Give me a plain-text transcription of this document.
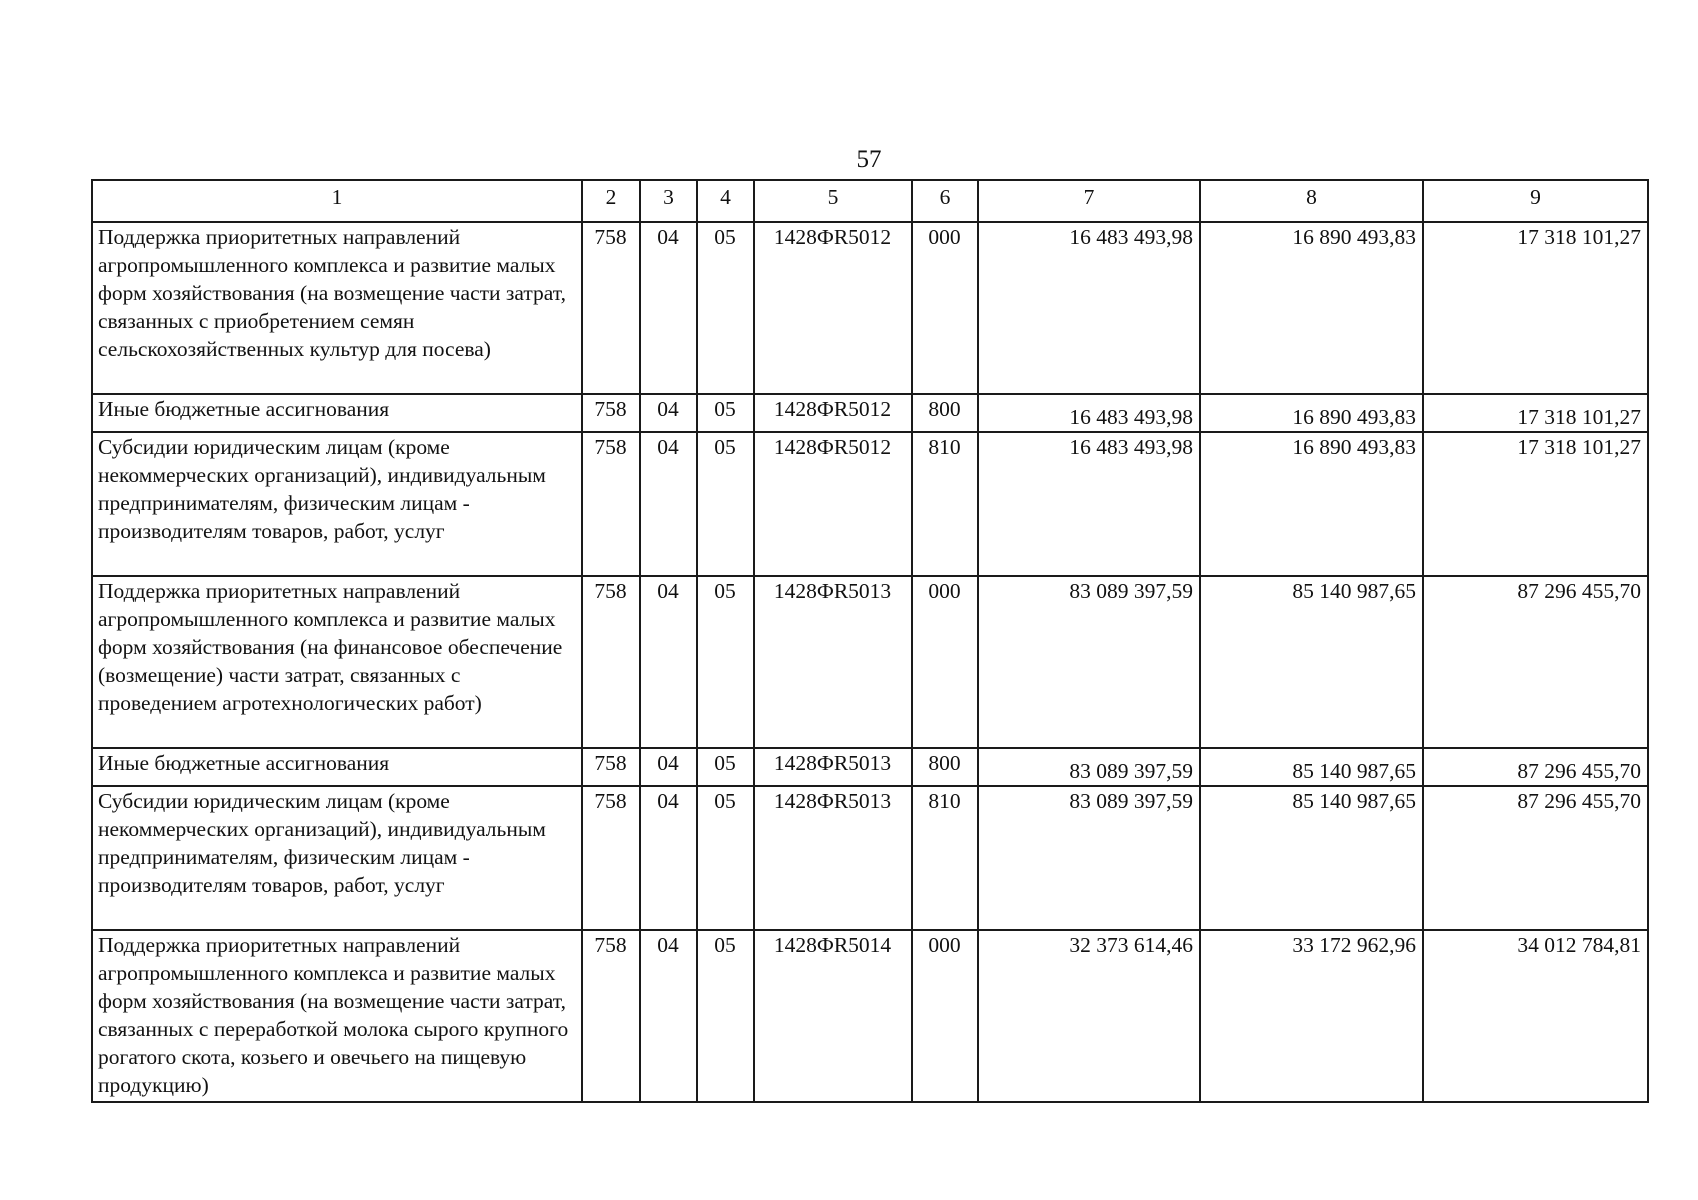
57
1	2	3	4	5	6	7	8	9
Поддержка приоритетных направлений агропромышленного комплекса и развитие малых форм хозяйствования (на возмещение части затрат, связанных с приобретением семян сельскохозяйственных культур для посева)	758	04	05	1428ФR5012	000	16 483 493,98	16 890 493,83	17 318 101,27
Иные бюджетные ассигнования	758	04	05	1428ФR5012	800	16 483 493,98	16 890 493,83	17 318 101,27
Субсидии юридическим лицам (кроме некоммерческих организаций), индивидуальным предпринимателям, физическим лицам - производителям товаров, работ, услуг	758	04	05	1428ФR5012	810	16 483 493,98	16 890 493,83	17 318 101,27
Поддержка приоритетных направлений агропромышленного комплекса и развитие малых форм хозяйствования (на финансовое обеспечение (возмещение) части затрат, связанных с проведением агротехнологических работ)	758	04	05	1428ФR5013	000	83 089 397,59	85 140 987,65	87 296 455,70
Иные бюджетные ассигнования	758	04	05	1428ФR5013	800	83 089 397,59	85 140 987,65	87 296 455,70
Субсидии юридическим лицам (кроме некоммерческих организаций), индивидуальным предпринимателям, физическим лицам - производителям товаров, работ, услуг	758	04	05	1428ФR5013	810	83 089 397,59	85 140 987,65	87 296 455,70
Поддержка приоритетных направлений агропромышленного комплекса и развитие малых форм хозяйствования (на возмещение части затрат, связанных с переработкой молока сырого крупного рогатого скота, козьего и овечьего на пищевую продукцию)	758	04	05	1428ФR5014	000	32 373 614,46	33 172 962,96	34 012 784,81
